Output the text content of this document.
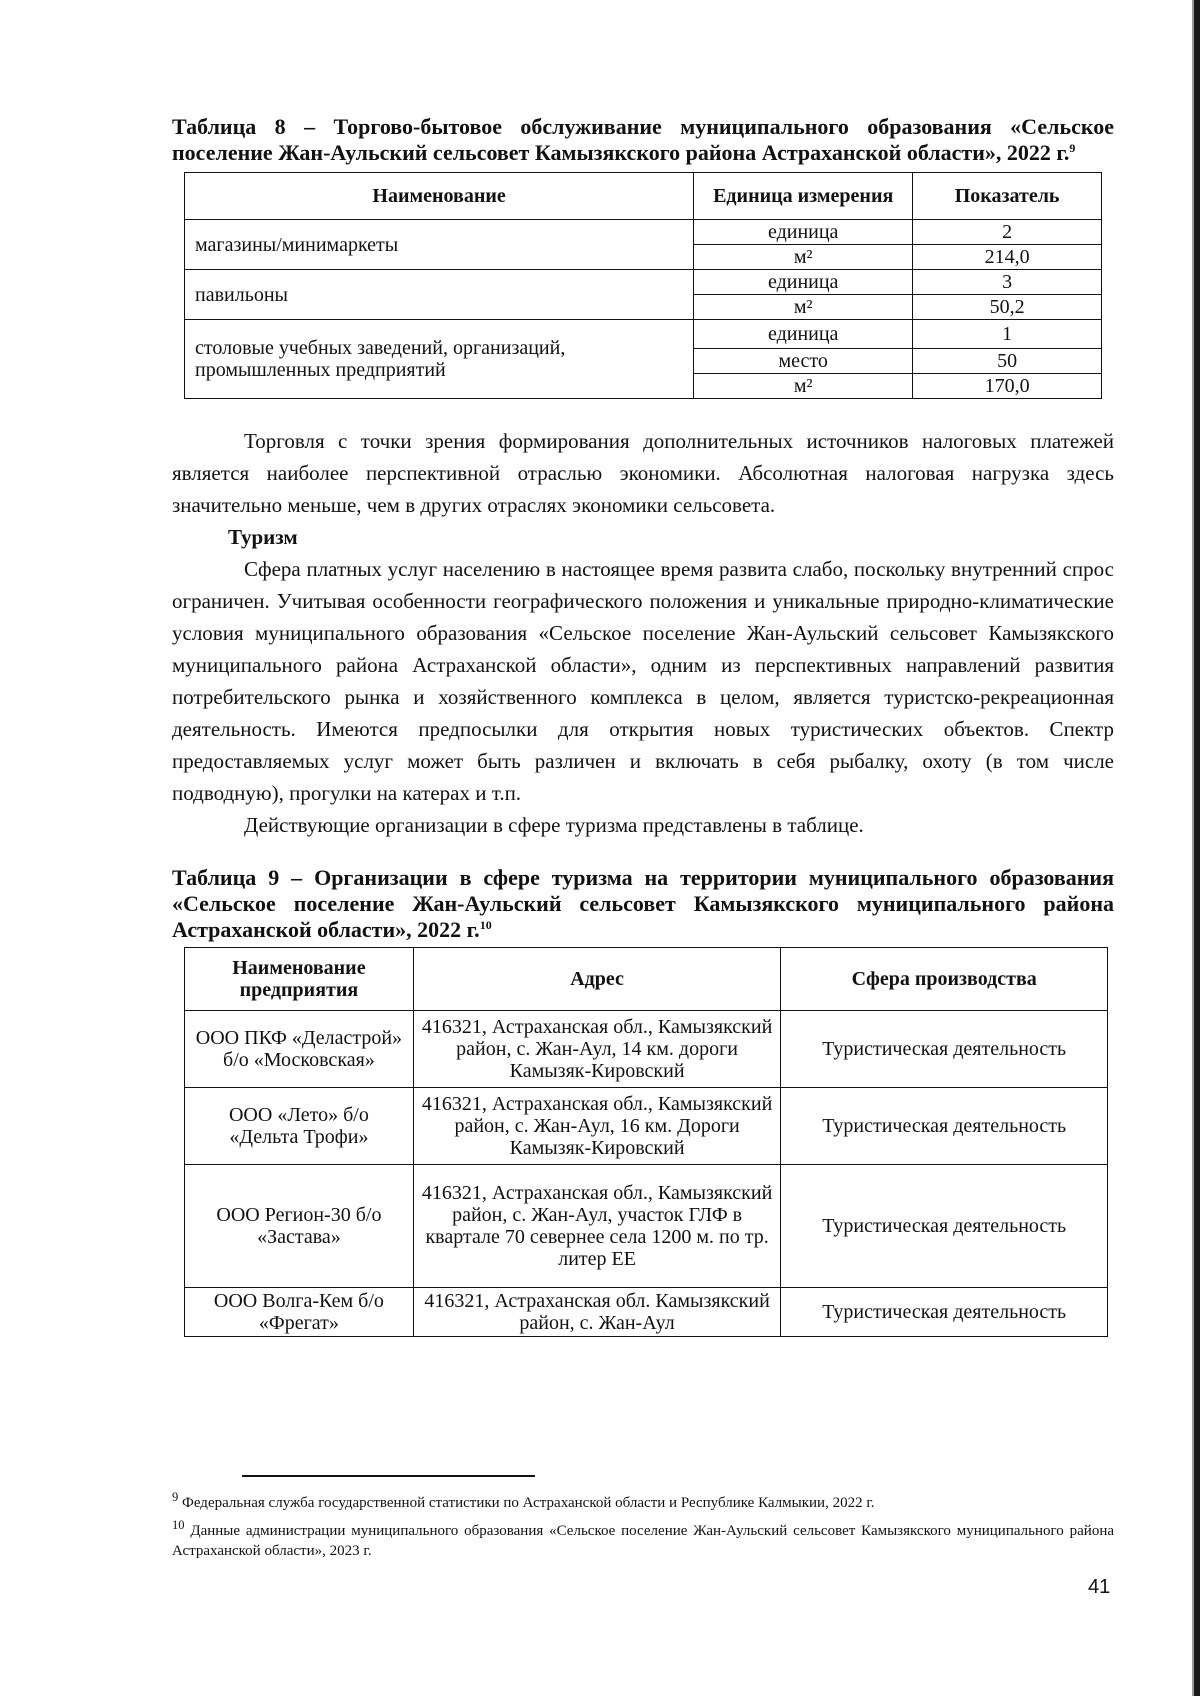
Таблица 8 – Торгово-бытовое обслуживание муниципального образования «Сельское поселение Жан-Аульский сельсовет Камызякского района Астраханской области», 2022 г.$^9$

Наименование	Единица измерения	Показатель
магазины/минимаркеты	единица	2
	м²	214,0
павильоны	единица	3
	м²	50,2
столовые учебных заведений, организаций, промышленных предприятий	единица	1
	место	50
	м²	170,0

Торговля с точки зрения формирования дополнительных источников налоговых платежей является наиболее перспективной отраслью экономики. Абсолютная налоговая нагрузка здесь значительно меньше, чем в других отраслях экономики сельсовета.

Туризм

Сфера платных услуг населению в настоящее время развита слабо, поскольку внутренний спрос ограничен. Учитывая особенности географического положения и уникальные природно-климатические условия муниципального образования «Сельское поселение Жан-Аульский сельсовет Камызякского муниципального района Астраханской области», одним из перспективных направлений развития потребительского рынка и хозяйственного комплекса в целом, является туристско-рекреационная деятельность. Имеются предпосылки для открытия новых туристических объектов. Спектр предоставляемых услуг может быть различен и включать в себя рыбалку, охоту (в том числе подводную), прогулки на катерах и т.п.

Действующие организации в сфере туризма представлены в таблице.

Таблица 9 – Организации в сфере туризма на территории муниципального образования «Сельское поселение Жан-Аульский сельсовет Камызякского муниципального района Астраханской области», 2022 г.$^{10}$

Наименование предприятия	Адрес	Сфера производства
ООО ПКФ «Деластрой» б/о «Московская»	416321, Астраханская обл., Камызякский район, с. Жан-Аул, 14 км. дороги Камызяк-Кировский	Туристическая деятельность
ООО «Лето» б/о «Дельта Трофи»	416321, Астраханская обл., Камызякский район, с. Жан-Аул, 16 км. Дороги Камызяк-Кировский	Туристическая деятельность
ООО Регион-30 б/о «Застава»	416321, Астраханская обл., Камызякский район, с. Жан-Аул, участок ГЛФ в квартале 70 севернее села 1200 м. по тр. литер ЕЕ	Туристическая деятельность
ООО Волга-Кем б/о «Фрегат»	416321, Астраханская обл. Камызякский район, с. Жан-Аул	Туристическая деятельность

$^9$ Федеральная служба государственной статистики по Астраханской области и Республике Калмыкии, 2022 г.

$^{10}$ Данные администрации муниципального образования «Сельское поселение Жан-Аульский сельсовет Камызякского муниципального района Астраханской области», 2023 г.

41
